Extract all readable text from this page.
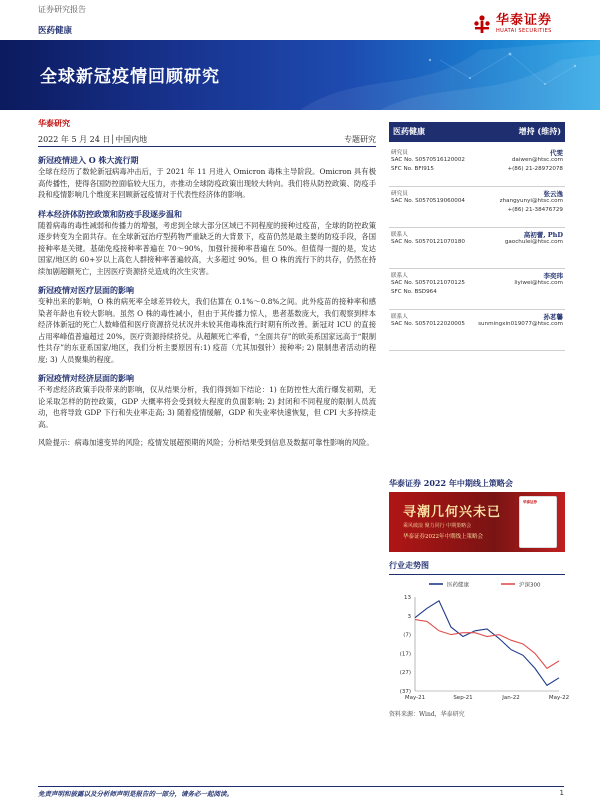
证券研究报告
医药健康
华泰证券
HUATAI SECURITIES
全球新冠疫情回顾研究
华泰研究
2022 年 5 月 24 日│中国内地	专题研究
新冠疫情进入 O 株大流行期
全球在经历了数轮新冠病毒冲击后，于 2021 年 11 月进入 Omicron 毒株主导阶段。Omicron 具有极高传播性，使得各国防控面临较大压力，亦推动全球防疫政策出现较大转向。我们将从防控政策、防疫手段和疫情影响几个维度来回顾新冠疫情对于代表性经济体的影响。
样本经济体防控政策和防疫手段逐步温和
随着病毒的毒性减弱和传播力的增强，考虑到全球大部分区域已不同程度的接种过疫苗，全球的防控政策逐步转变为全面共存。在全球新冠治疗型药物严重缺乏的大背景下，疫苗仍然是最主要的防疫手段，各国接种率是关键。基础免疫接种率普遍在 70～90%，加强针接种率普遍在 50%。但值得一提的是，发达国家/地区的 60+岁以上高危人群接种率普遍较高，大多超过 90%。但 O 株的流行下的共存，仍然在持续加剧超额死亡，主因医疗资源挤兑造成的次生灾害。
新冠疫情对医疗层面的影响
变种出来的影响，O 株的病死率全球差异较大，我们估算在 0.1%～0.8%之间。此外疫苗的接种率和感染者年龄也有较大影响。虽然 O 株的毒性减小，但由于其传播力惊人，患者基数庞大，我们观察到样本经济体新冠的死亡人数峰值和医疗资源挤兑状况并未较其他毒株流行时期有所改善。新冠对 ICU 的直接占用率峰值普遍超过 20%，医疗资源持续挤兑。从超额死亡率看，“全面共存”的欧美系国家远高于“限制性共存”的东亚系国家/地区，我们分析主要原因有:1) 疫苗（尤其加强针）接种率; 2) 限制患者活动的程度; 3) 人员聚集的程度。
新冠疫情对经济层面的影响
不考虑经济政策手段带来的影响，仅从结果分析，我们得到如下结论：1) 在防控性大流行爆发初期，无论采取怎样的防控政策，GDP 大概率将会受到较大程度的负面影响; 2) 封闭和不同程度的限制人员流动，也将导致 GDP 下行和失业率走高; 3) 随着疫情缓解，GDP 和失业率快速恢复，但 CPI 大多持续走高。
风险提示：病毒加速变异的风险；疫情发展超预期的风险；分析结果受到信息及数据可靠性影响的风险。
医药健康	增持 (维持)
研究员	代雯
SAC No. S0570516120002	daiwen@htsc.com
SFC No. BFI915	+(86) 21-28972078
研究员	张云逸
SAC No. S0570519060004	zhangyunyi@htsc.com
+(86) 21-38476729
联系人	高初蕾, PhD
SAC No. S0570121070180	gaochulei@htsc.com
联系人	李奕玮
SAC No. S0570121070125	liyiwei@htsc.com
SFC No. BSD964
联系人	孙茗馨
SAC No. S0570122020005 sunmingxin019077@htsc.com
华泰证券 2022 年中期线上策略会
寻潮几何兴未已
乘风破浪 聚力同行 中期策略会
华泰证券2022年中期线上策略会
华泰证券
行业走势图
医药健康	沪深300
13
3
(7)
(17)
(27)
(37)
May-21	Sep-21	Jan-22	May-22
资料来源：Wind，华泰研究
免责声明和披露以及分析师声明是报告的一部分，请务必一起阅读。	1
